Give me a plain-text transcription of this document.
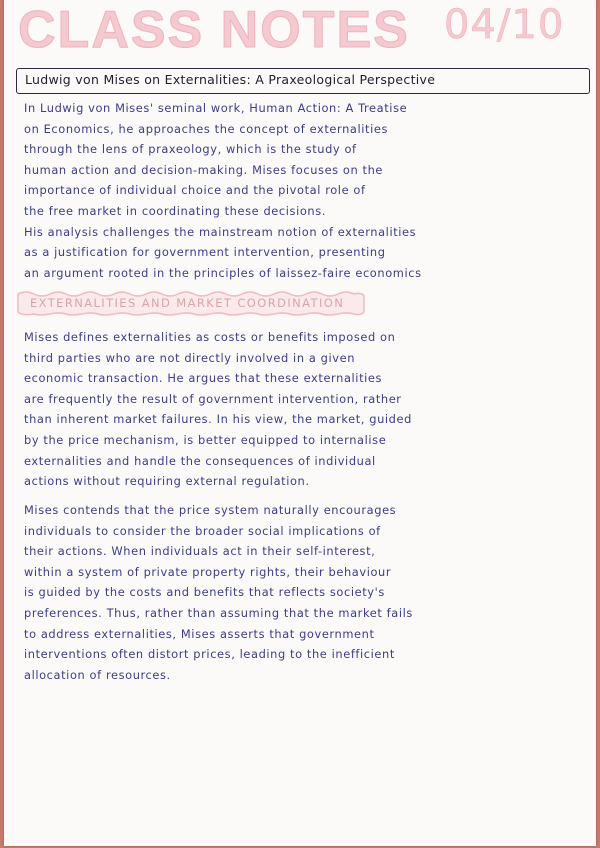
CLASS NOTES 04/10
Ludwig von Mises on Externalities: A Praxeological Perspective
In Ludwig von Mises' seminal work, Human Action: A Treatise
on Economics, he approaches the concept of externalities
through the lens of praxeology, which is the study of
human action and decision-making. Mises focuses on the
importance of individual choice and the pivotal role of
the free market in coordinating these decisions.
His analysis challenges the mainstream notion of externalities
as a justification for government intervention, presenting
an argument rooted in the principles of laissez-faire economics
EXTERNALITIES AND MARKET COORDINATION
Mises defines externalities as costs or benefits imposed on
third parties who are not directly involved in a given
economic transaction. He argues that these externalities
are frequently the result of government intervention, rather
than inherent market failures. In his view, the market, guided
by the price mechanism, is better equipped to internalise
externalities and handle the consequences of individual
actions without requiring external regulation.
Mises contends that the price system naturally encourages
individuals to consider the broader social implications of
their actions. When individuals act in their self-interest,
within a system of private property rights, their behaviour
is guided by the costs and benefits that reflects society's
preferences. Thus, rather than assuming that the market fails
to address externalities, Mises asserts that government
interventions often distort prices, leading to the inefficient
allocation of resources.
